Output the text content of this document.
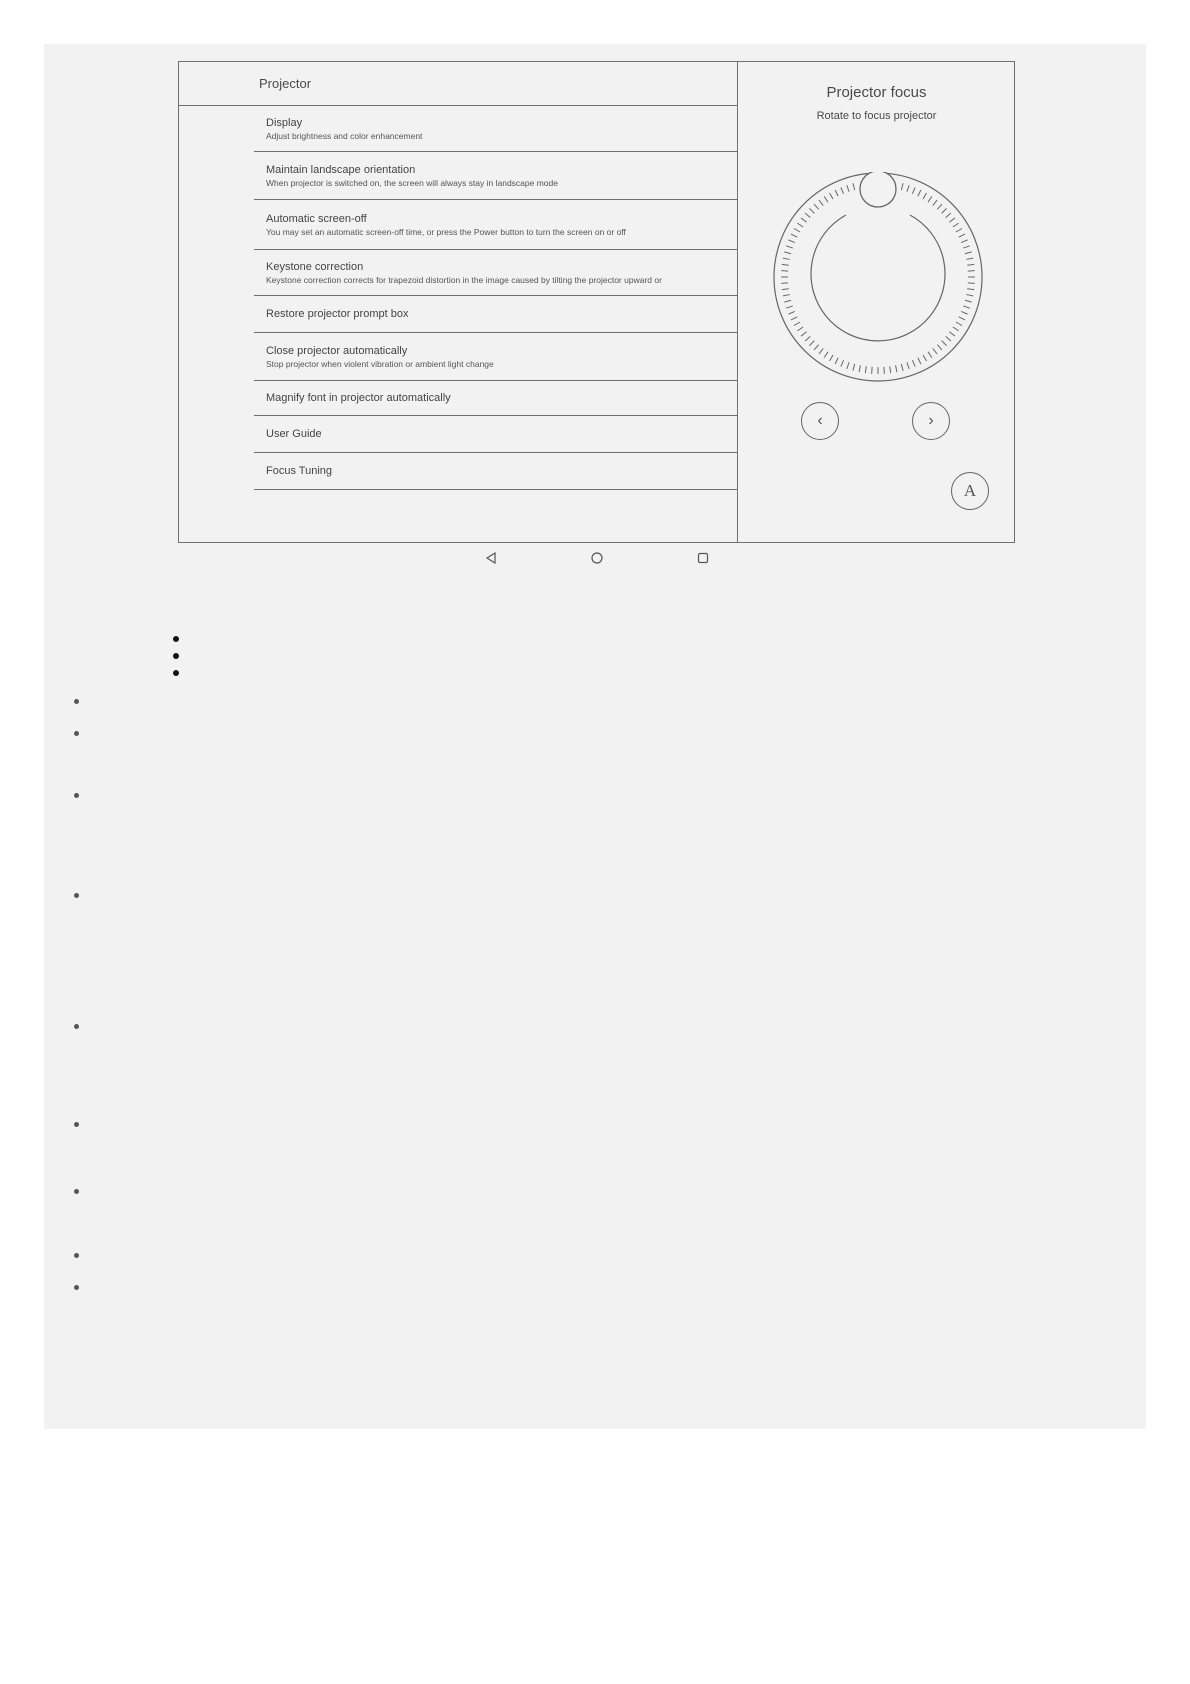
Projector
Display
Adjust brightness and color enhancement
Maintain landscape orientation
When projector is switched on, the screen will always stay in landscape mode
Automatic screen-off
You may set an automatic screen-off time, or press the Power button to turn the screen on or off
Keystone correction
Keystone correction corrects for trapezoid distortion in the image caused by tilting the projector upward or
Restore projector prompt box
Close projector automatically
Stop projector when violent vibration or ambient light change
Magnify font in projector automatically
User Guide
Focus Tuning
Projector focus
Rotate to focus projector
‹	›
A
